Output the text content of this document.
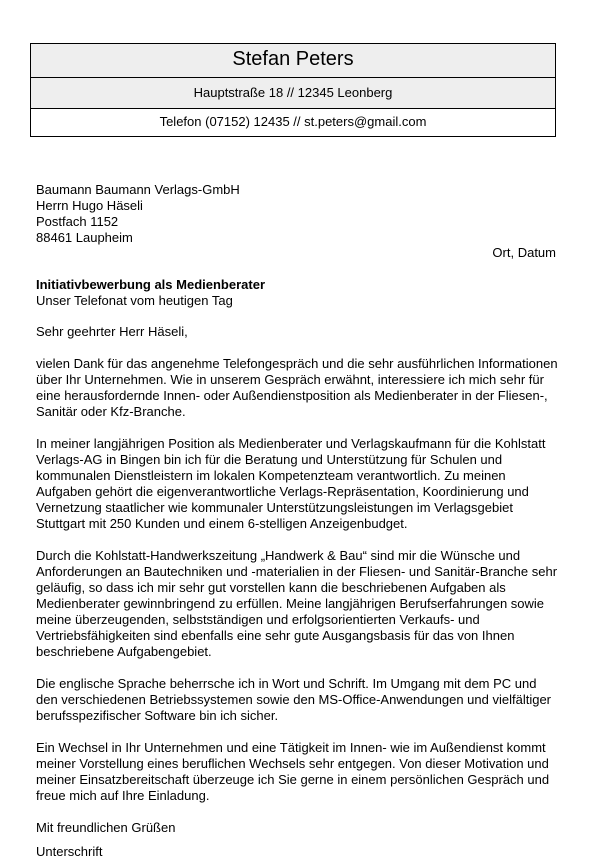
Stefan Peters
Hauptstraße 18 // 12345 Leonberg
Telefon (07152) 12435 // st.peters@gmail.com
Baumann Baumann Verlags-GmbH
Herrn Hugo Häseli
Postfach 1152
88461 Laupheim
Ort, Datum
Initiativbewerbung als Medienberater
Unser Telefonat vom heutigen Tag

Sehr geehrter Herr Häseli,

vielen Dank für das angenehme Telefongespräch und die sehr ausführlichen Informationen über Ihr Unternehmen. Wie in unserem Gespräch erwähnt, interessiere ich mich sehr für eine herausfordernde Innen- oder Außendienstposition als Medienberater in der Fliesen-, Sanitär oder Kfz-Branche.

In meiner langjährigen Position als Medienberater und Verlagskaufmann für die Kohlstatt Verlags-AG in Bingen bin ich für die Beratung und Unterstützung für Schulen und kommunalen Dienstleistern im lokalen Kompetenzteam verantwortlich. Zu meinen Aufgaben gehört die eigenverantwortliche Verlags-Repräsentation, Koordinierung und Vernetzung staatlicher wie kommunaler Unterstützungsleistungen im Verlagsgebiet Stuttgart mit 250 Kunden und einem 6-stelligen Anzeigenbudget.

Durch die Kohlstatt-Handwerkszeitung „Handwerk & Bau“ sind mir die Wünsche und Anforderungen an Bautechniken und -materialien in der Fliesen- und Sanitär-Branche sehr geläufig, so dass ich mir sehr gut vorstellen kann die beschriebenen Aufgaben als Medienberater gewinnbringend zu erfüllen. Meine langjährigen Berufserfahrungen sowie meine überzeugenden, selbstständigen und erfolgsorientierten Verkaufs- und Vertriebsfähigkeiten sind ebenfalls eine sehr gute Ausgangsbasis für das von Ihnen beschriebene Aufgabengebiet.

Die englische Sprache beherrsche ich in Wort und Schrift. Im Umgang mit dem PC und den verschiedenen Betriebssystemen sowie den MS-Office-Anwendungen und vielfältiger berufsspezifischer Software bin ich sicher.

Ein Wechsel in Ihr Unternehmen und eine Tätigkeit im Innen- wie im Außendienst kommt meiner Vorstellung eines beruflichen Wechsels sehr entgegen. Von dieser Motivation und meiner Einsatzbereitschaft überzeuge ich Sie gerne in einem persönlichen Gespräch und freue mich auf Ihre Einladung.

Mit freundlichen Grüßen

Unterschrift
